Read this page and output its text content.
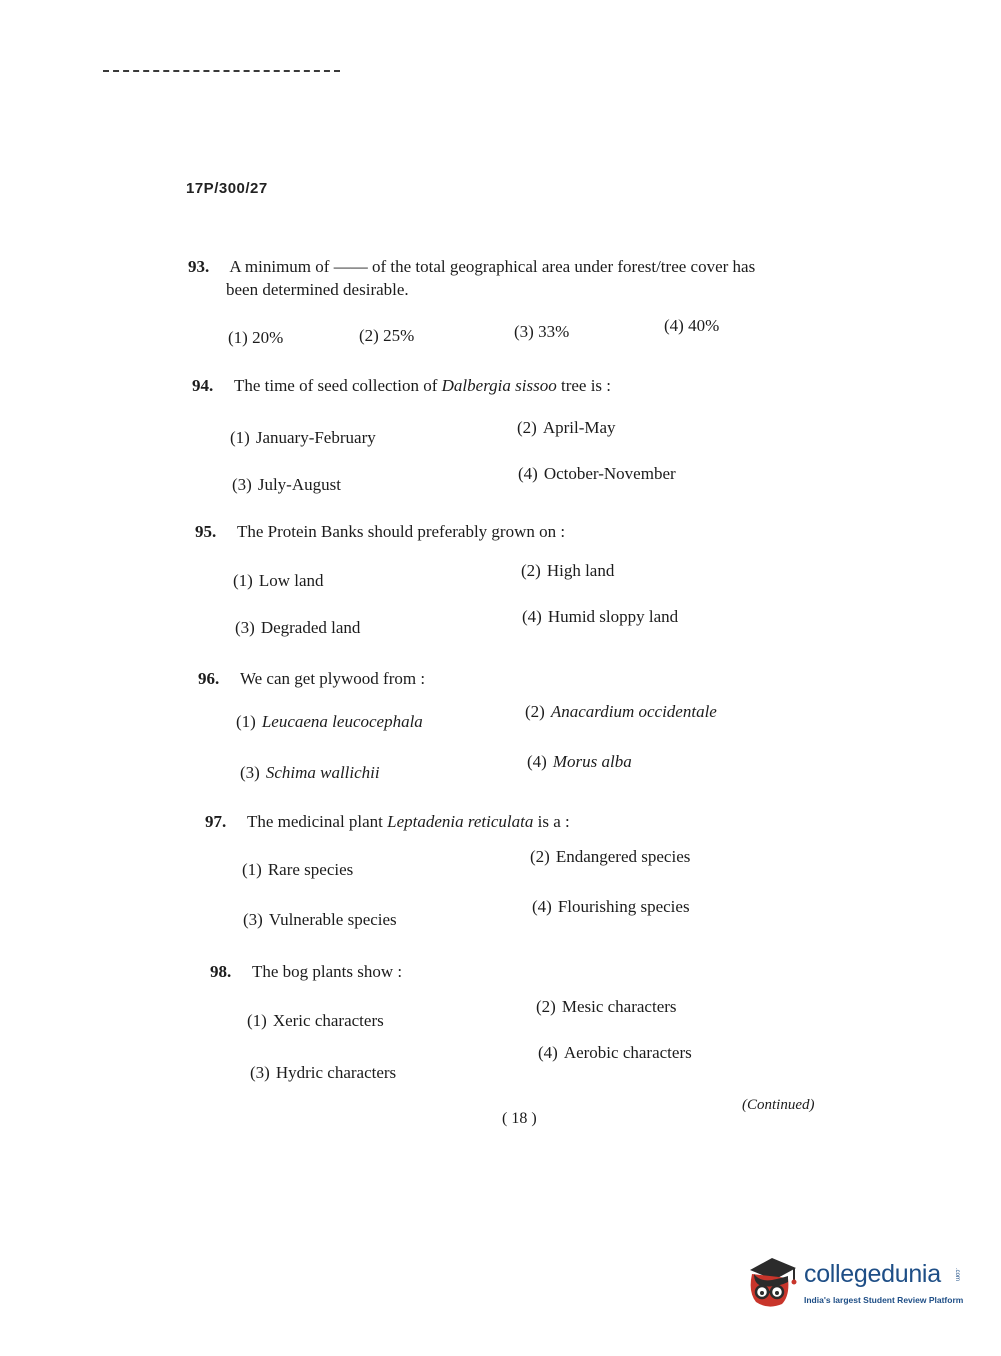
17P/300/27
93. A minimum of —— of the total geographical area under forest/tree cover has
been determined desirable.
(1) 20%	(2) 25%	(3) 33%	(4) 40%
94. The time of seed collection of Dalbergia sissoo tree is :
(1) January-February
(2) April-May
(3) July-August
(4) October-November
95. The Protein Banks should preferably grown on :
(1) Low land
(2) High land
(3) Degraded land
(4) Humid sloppy land
96. We can get plywood from :
(1) Leucaena leucocephala
(2) Anacardium occidentale
(3) Schima wallichii
(4) Morus alba
97. The medicinal plant Leptadenia reticulata is a :
(1) Rare species
(2) Endangered species
(3) Vulnerable species
(4) Flourishing species
98. The bog plants show :
(1) Xeric characters
(2) Mesic characters
(3) Hydric characters
(4) Aerobic characters
( 18 )
(Continued)
collegedunia .com
India's largest Student Review Platform
